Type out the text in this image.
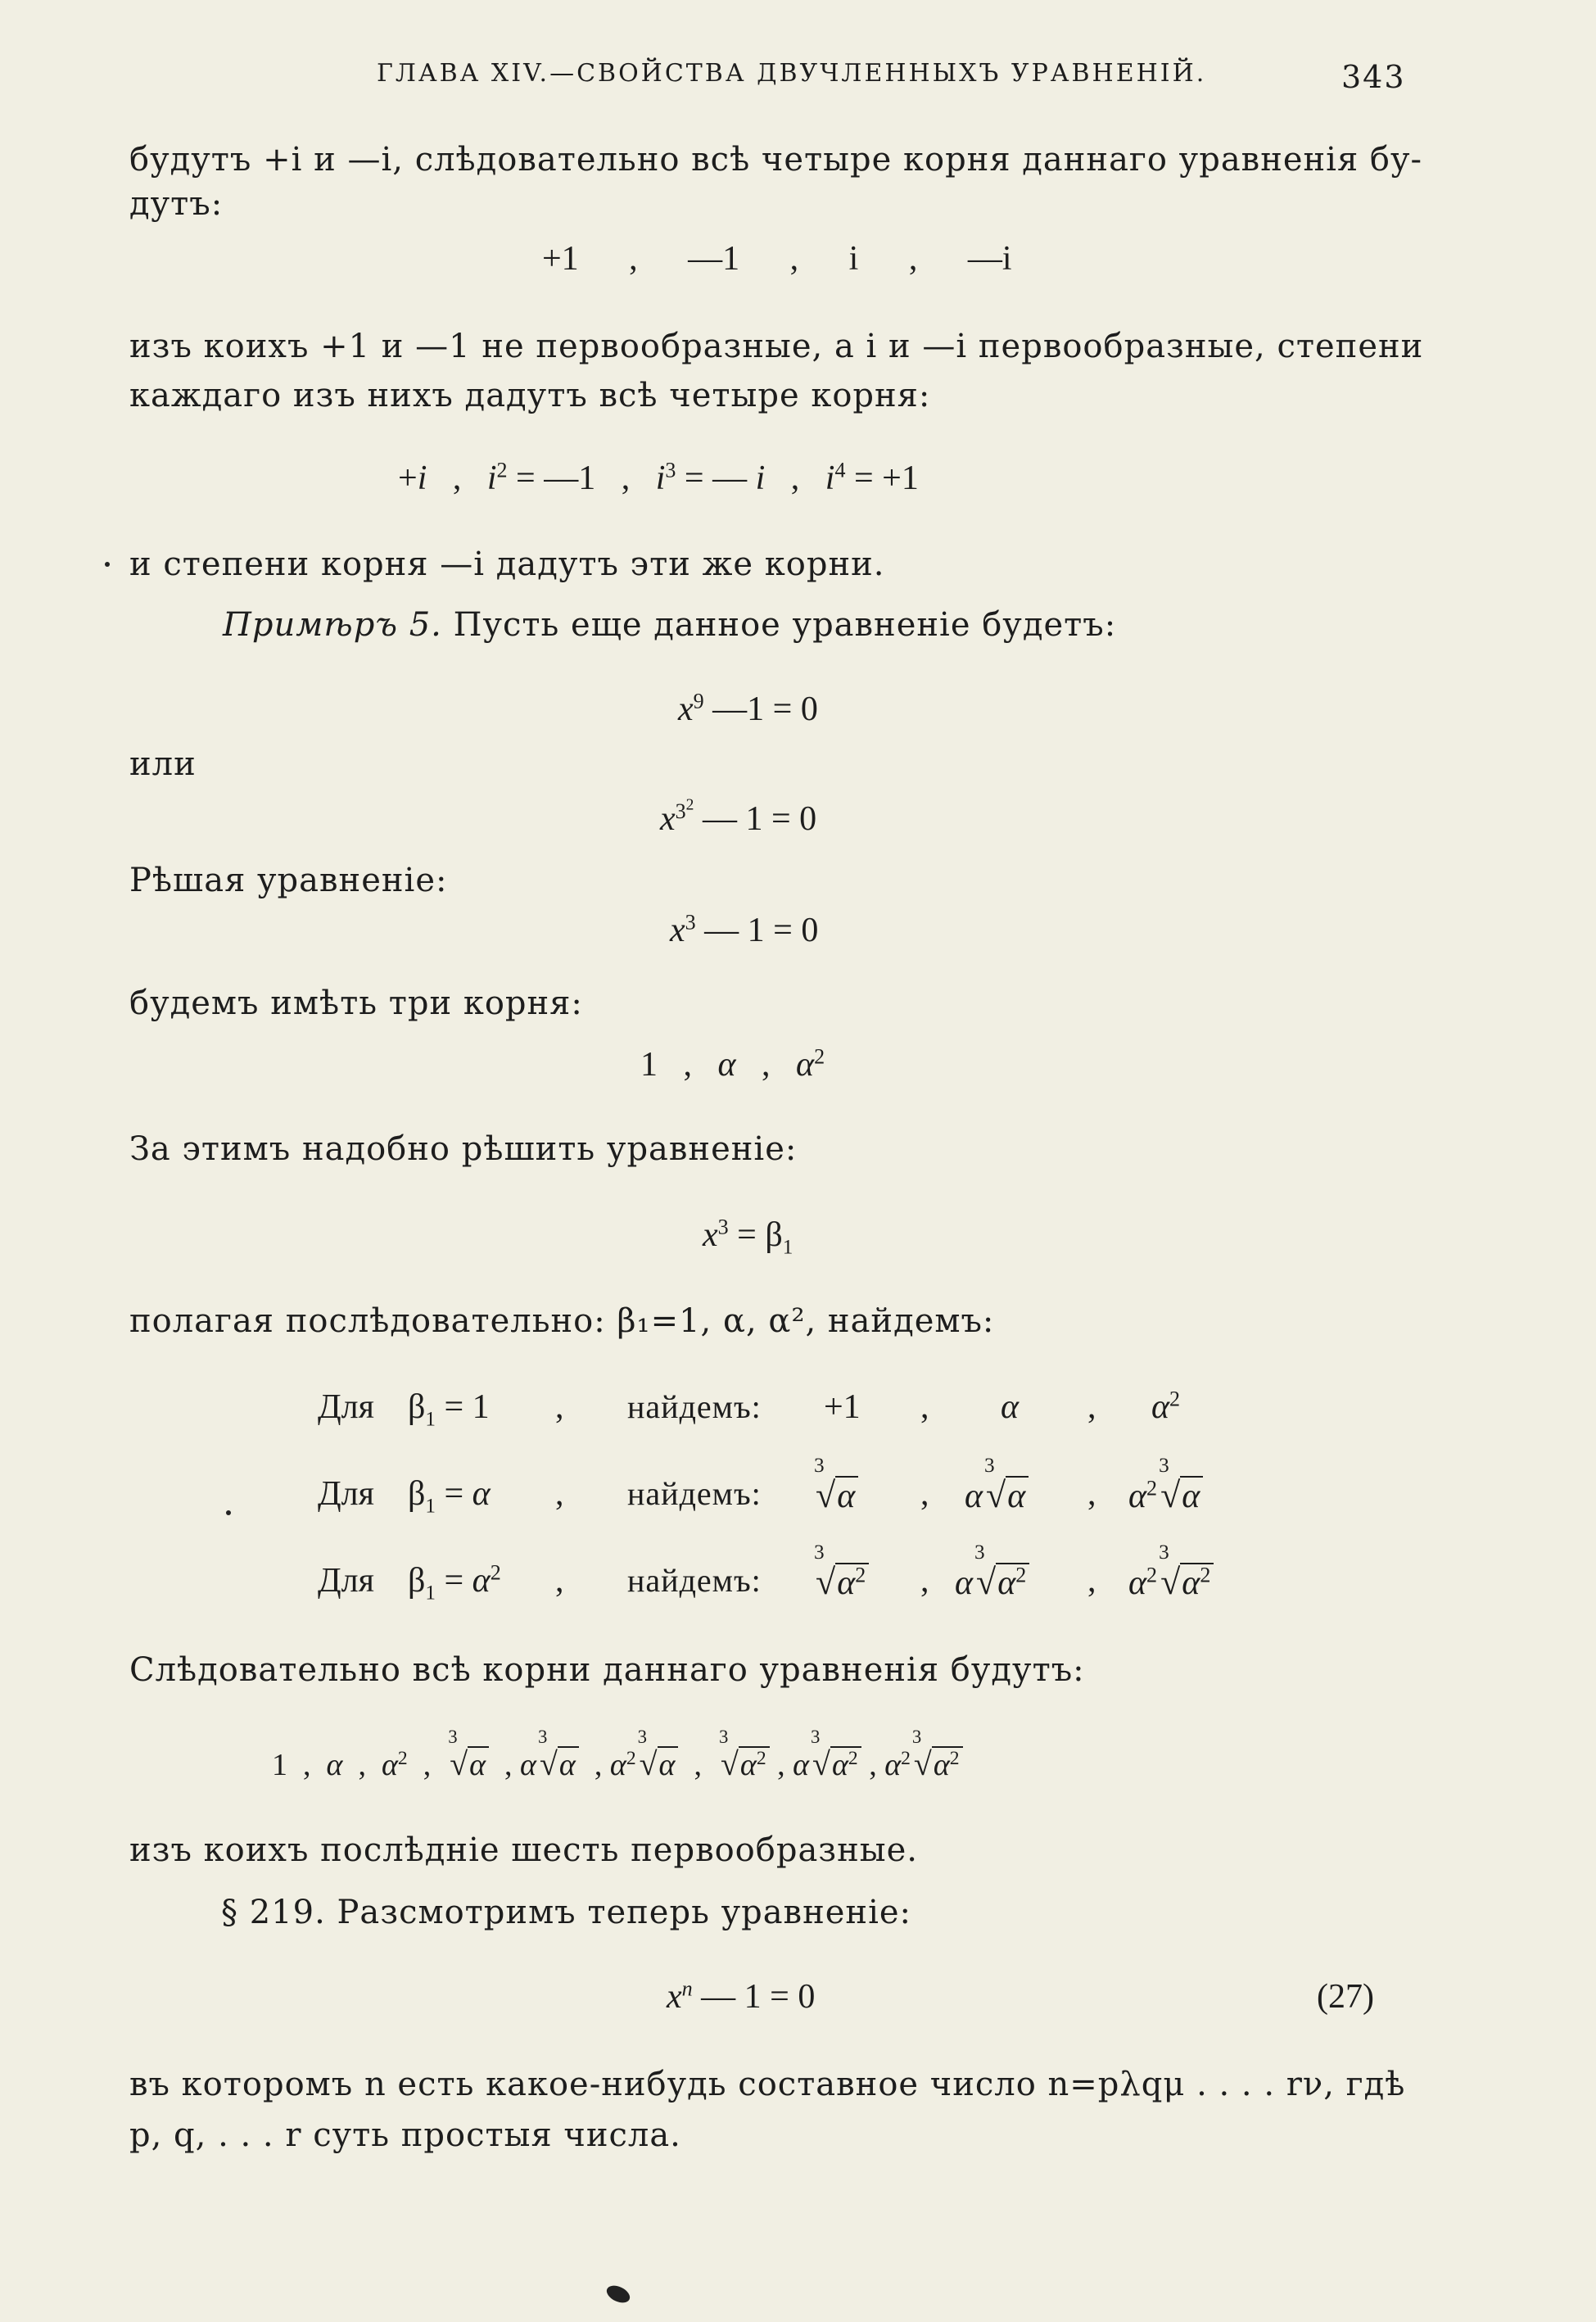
ГЛАВА XIV.—СВОЙСТВА ДВУЧЛЕННЫХЪ УРАВНЕНІЙ.	343
будутъ +i и —i, слѣдовательно всѣ четыре корня даннаго уравненія бу-
дутъ:
+1   ,   —1   ,   i   ,   —i
изъ коихъ +1 и —1 не первообразные, а i и —i первообразные, степени
каждаго изъ нихъ дадутъ всѣ четыре корня:
+i   ,   $i^2$ = —1   ,   $i^3$ = — i   ,   $i^4 = +1$
и степени корня —i дадутъ эти же корни.
Примѣръ 5. Пусть еще данное уравненіе будетъ:
$x^9$ —1 = 0
или
$x^{3^2}$ — 1 = 0
Рѣшая уравненіе:
$x^3$ — 1 = 0
будемъ имѣть три корня:
1   ,   α   ,   $\alpha^2$
За этимъ надобно рѣшить уравненіе:
$x^3 = \beta_1$
полагая послѣдовательно: β₁=1, α, α², найдемъ:
Для $\beta_1 = 1$ , найдемъ: +1 , α , $\alpha^2$
Для $\beta_1 = \alpha$ , найдемъ:
3
√α , α
3
√α , $\alpha^2$
3
√α
Для $\beta_1 = \alpha^2$ , найдемъ:
3
$√\alpha^2$ , α
3
$√\alpha^2$ , $\alpha^2$
3
$√\alpha^2$
Слѣдовательно всѣ корни даннаго уравненія будутъ:
1  ,  α  ,  $\alpha^2$  ,
3
√α  , α
3
√α  , $\alpha^2$
3
√α  ,
3
$√\alpha^2$ , α
3
$√\alpha^2$ , $\alpha^2$
3
$√\alpha^2$
изъ коихъ послѣдніе шесть первообразные.
§ 219. Разсмотримъ теперь уравненіе:
$x^n$ — 1 = 0	(27)
въ которомъ n есть какое-нибудь составное число n=pλqμ . . . . rν, гдѣ
p, q, . . . r суть простыя числа.
